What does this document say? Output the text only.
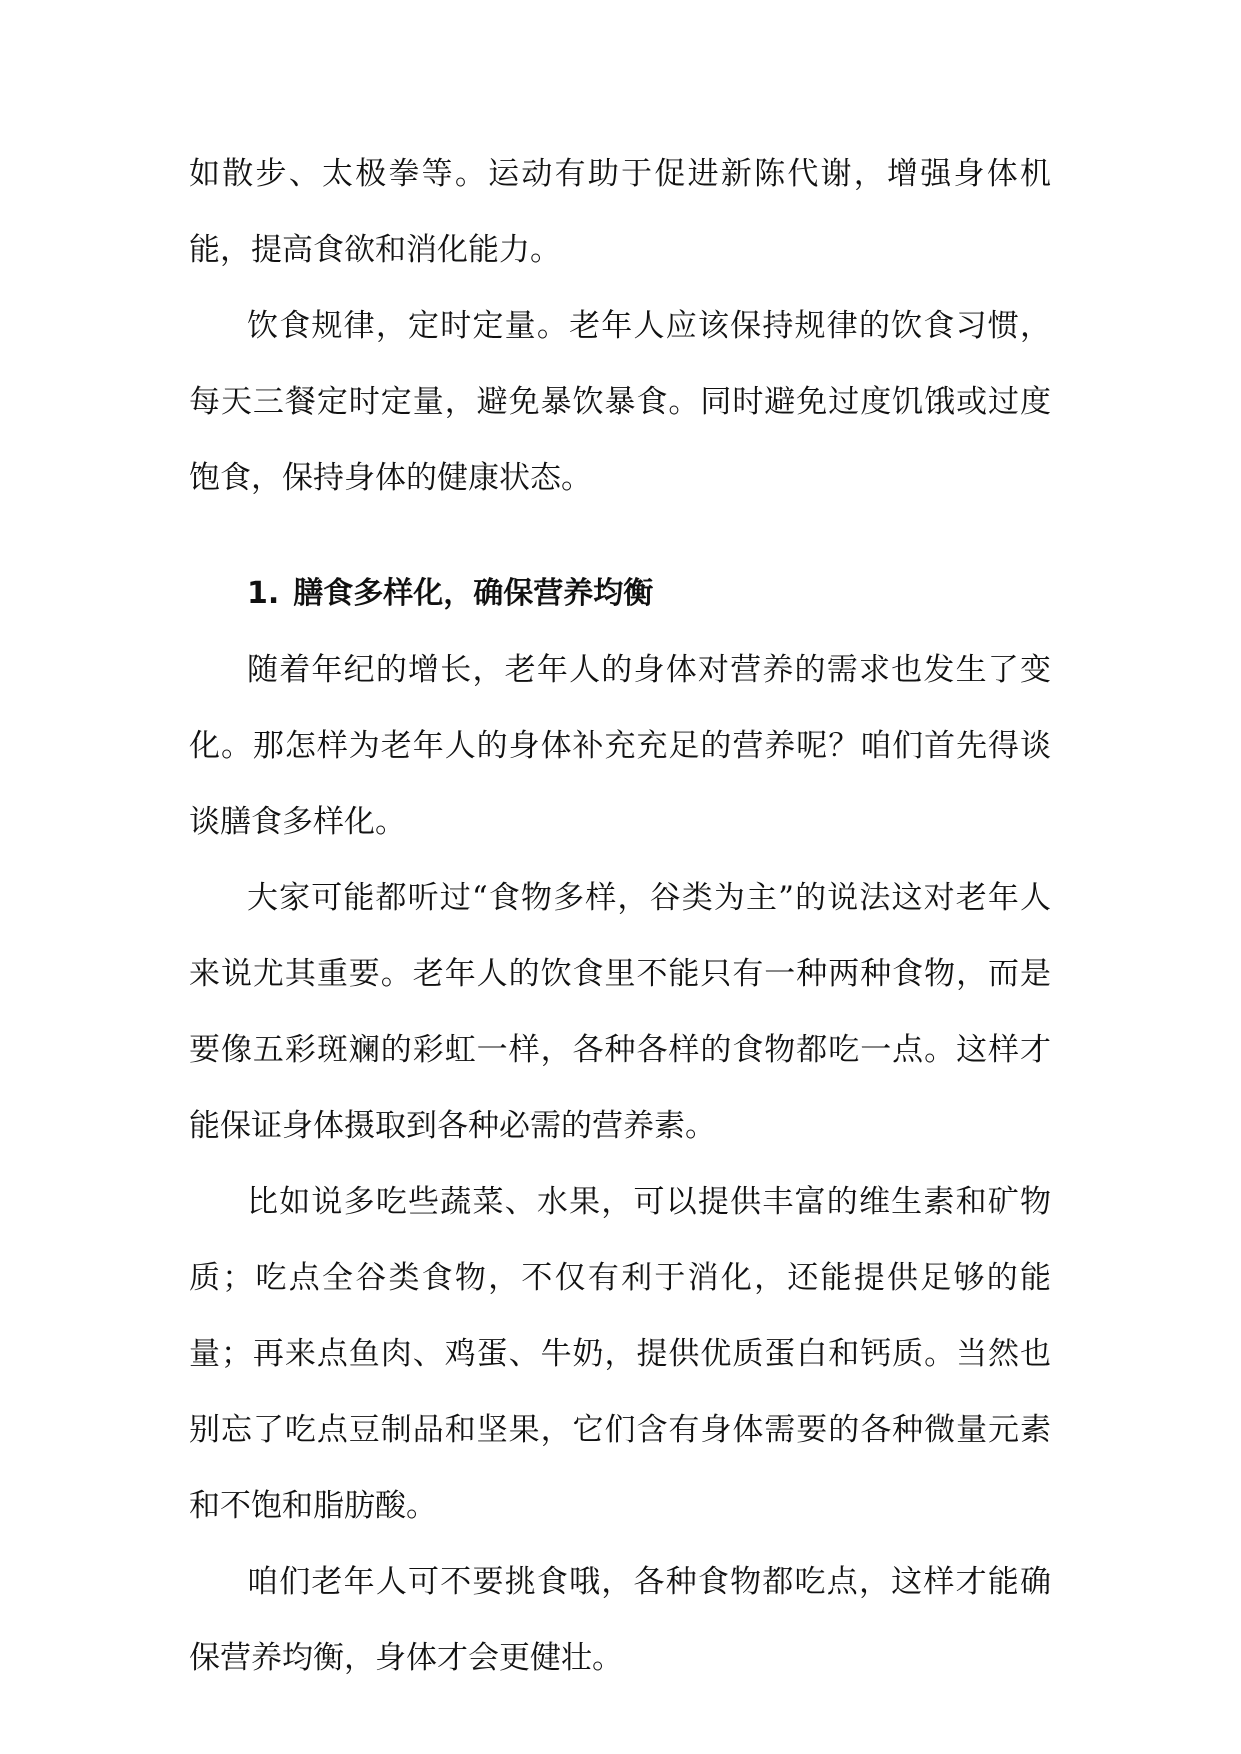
如散步、太极拳等。运动有助于促进新陈代谢，增强身体机能，提高食欲和消化能力。

饮食规律，定时定量。老年人应该保持规律的饮食习惯，每天三餐定时定量，避免暴饮暴食。同时避免过度饥饿或过度饱食，保持身体的健康状态。

1. 膳食多样化，确保营养均衡

随着年纪的增长，老年人的身体对营养的需求也发生了变化。那怎样为老年人的身体补充充足的营养呢？咱们首先得谈谈膳食多样化。

大家可能都听过“食物多样，谷类为主”的说法这对老年人来说尤其重要。老年人的饮食里不能只有一种两种食物，而是要像五彩斑斓的彩虹一样，各种各样的食物都吃一点。这样才能保证身体摄取到各种必需的营养素。

比如说多吃些蔬菜、水果，可以提供丰富的维生素和矿物质；吃点全谷类食物，不仅有利于消化，还能提供足够的能量；再来点鱼肉、鸡蛋、牛奶，提供优质蛋白和钙质。当然也别忘了吃点豆制品和坚果，它们含有身体需要的各种微量元素和不饱和脂肪酸。

咱们老年人可不要挑食哦，各种食物都吃点，这样才能确保营养均衡，身体才会更健壮。
